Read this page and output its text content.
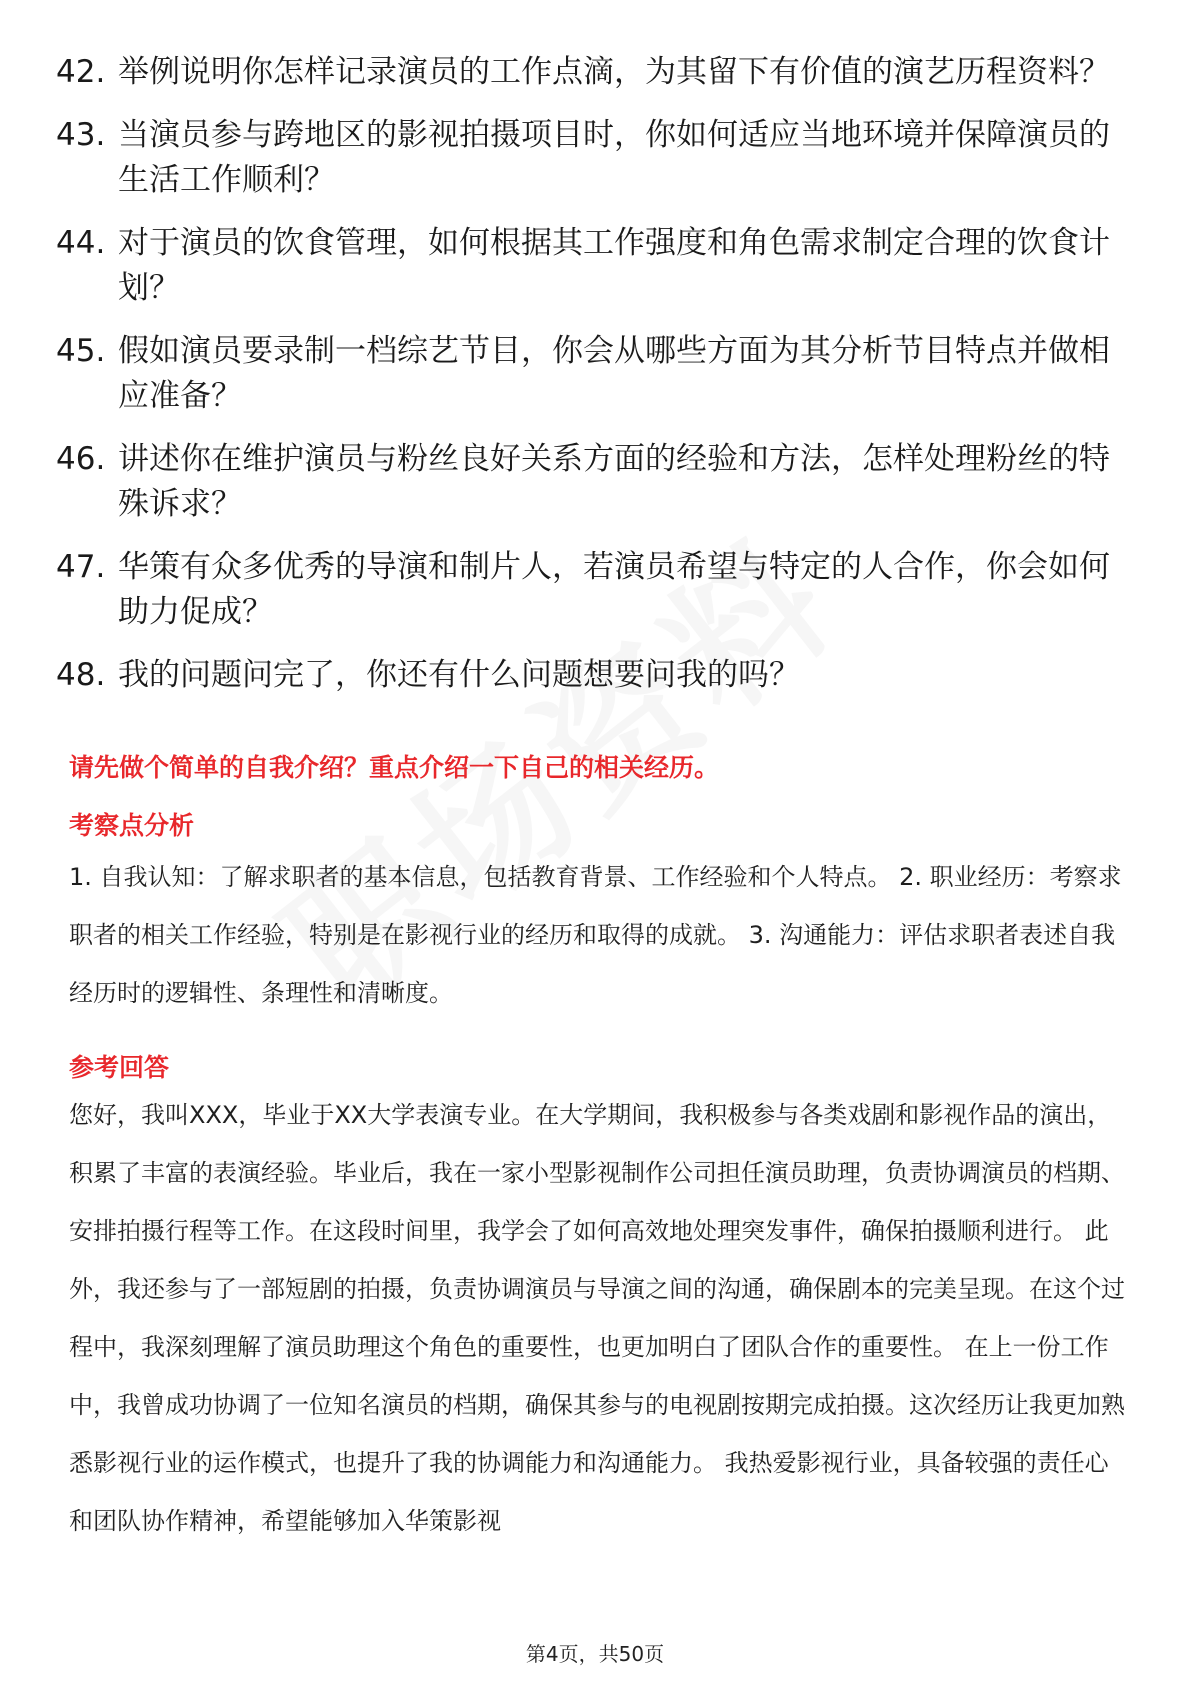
42. 举例说明你怎样记录演员的工作点滴，为其留下有价值的演艺历程资料？
43. 当演员参与跨地区的影视拍摄项目时，你如何适应当地环境并保障演员的生活工作顺利？
44. 对于演员的饮食管理，如何根据其工作强度和角色需求制定合理的饮食计划？
45. 假如演员要录制一档综艺节目，你会从哪些方面为其分析节目特点并做相应准备？
46. 讲述你在维护演员与粉丝良好关系方面的经验和方法，怎样处理粉丝的特殊诉求？
47. 华策有众多优秀的导演和制片人，若演员希望与特定的人合作，你会如何助力促成？
48. 我的问题问完了，你还有什么问题想要问我的吗？
请先做个简单的自我介绍？重点介绍一下自己的相关经历。
考察点分析
1. 自我认知：了解求职者的基本信息，包括教育背景、工作经验和个人特点。 2. 职业经历：考察求职者的相关工作经验，特别是在影视行业的经历和取得的成就。 3. 沟通能力：评估求职者表述自我经历时的逻辑性、条理性和清晰度。
参考回答
您好，我叫XXX，毕业于XX大学表演专业。在大学期间，我积极参与各类戏剧和影视作品的演出，积累了丰富的表演经验。毕业后，我在一家小型影视制作公司担任演员助理，负责协调演员的档期、安排拍摄行程等工作。在这段时间里，我学会了如何高效地处理突发事件，确保拍摄顺利进行。 此外，我还参与了一部短剧的拍摄，负责协调演员与导演之间的沟通，确保剧本的完美呈现。在这个过程中，我深刻理解了演员助理这个角色的重要性，也更加明白了团队合作的重要性。 在上一份工作中，我曾成功协调了一位知名演员的档期，确保其参与的电视剧按期完成拍摄。这次经历让我更加熟悉影视行业的运作模式，也提升了我的协调能力和沟通能力。 我热爱影视行业，具备较强的责任心和团队协作精神，希望能够加入华策影视
第4页，共50页
